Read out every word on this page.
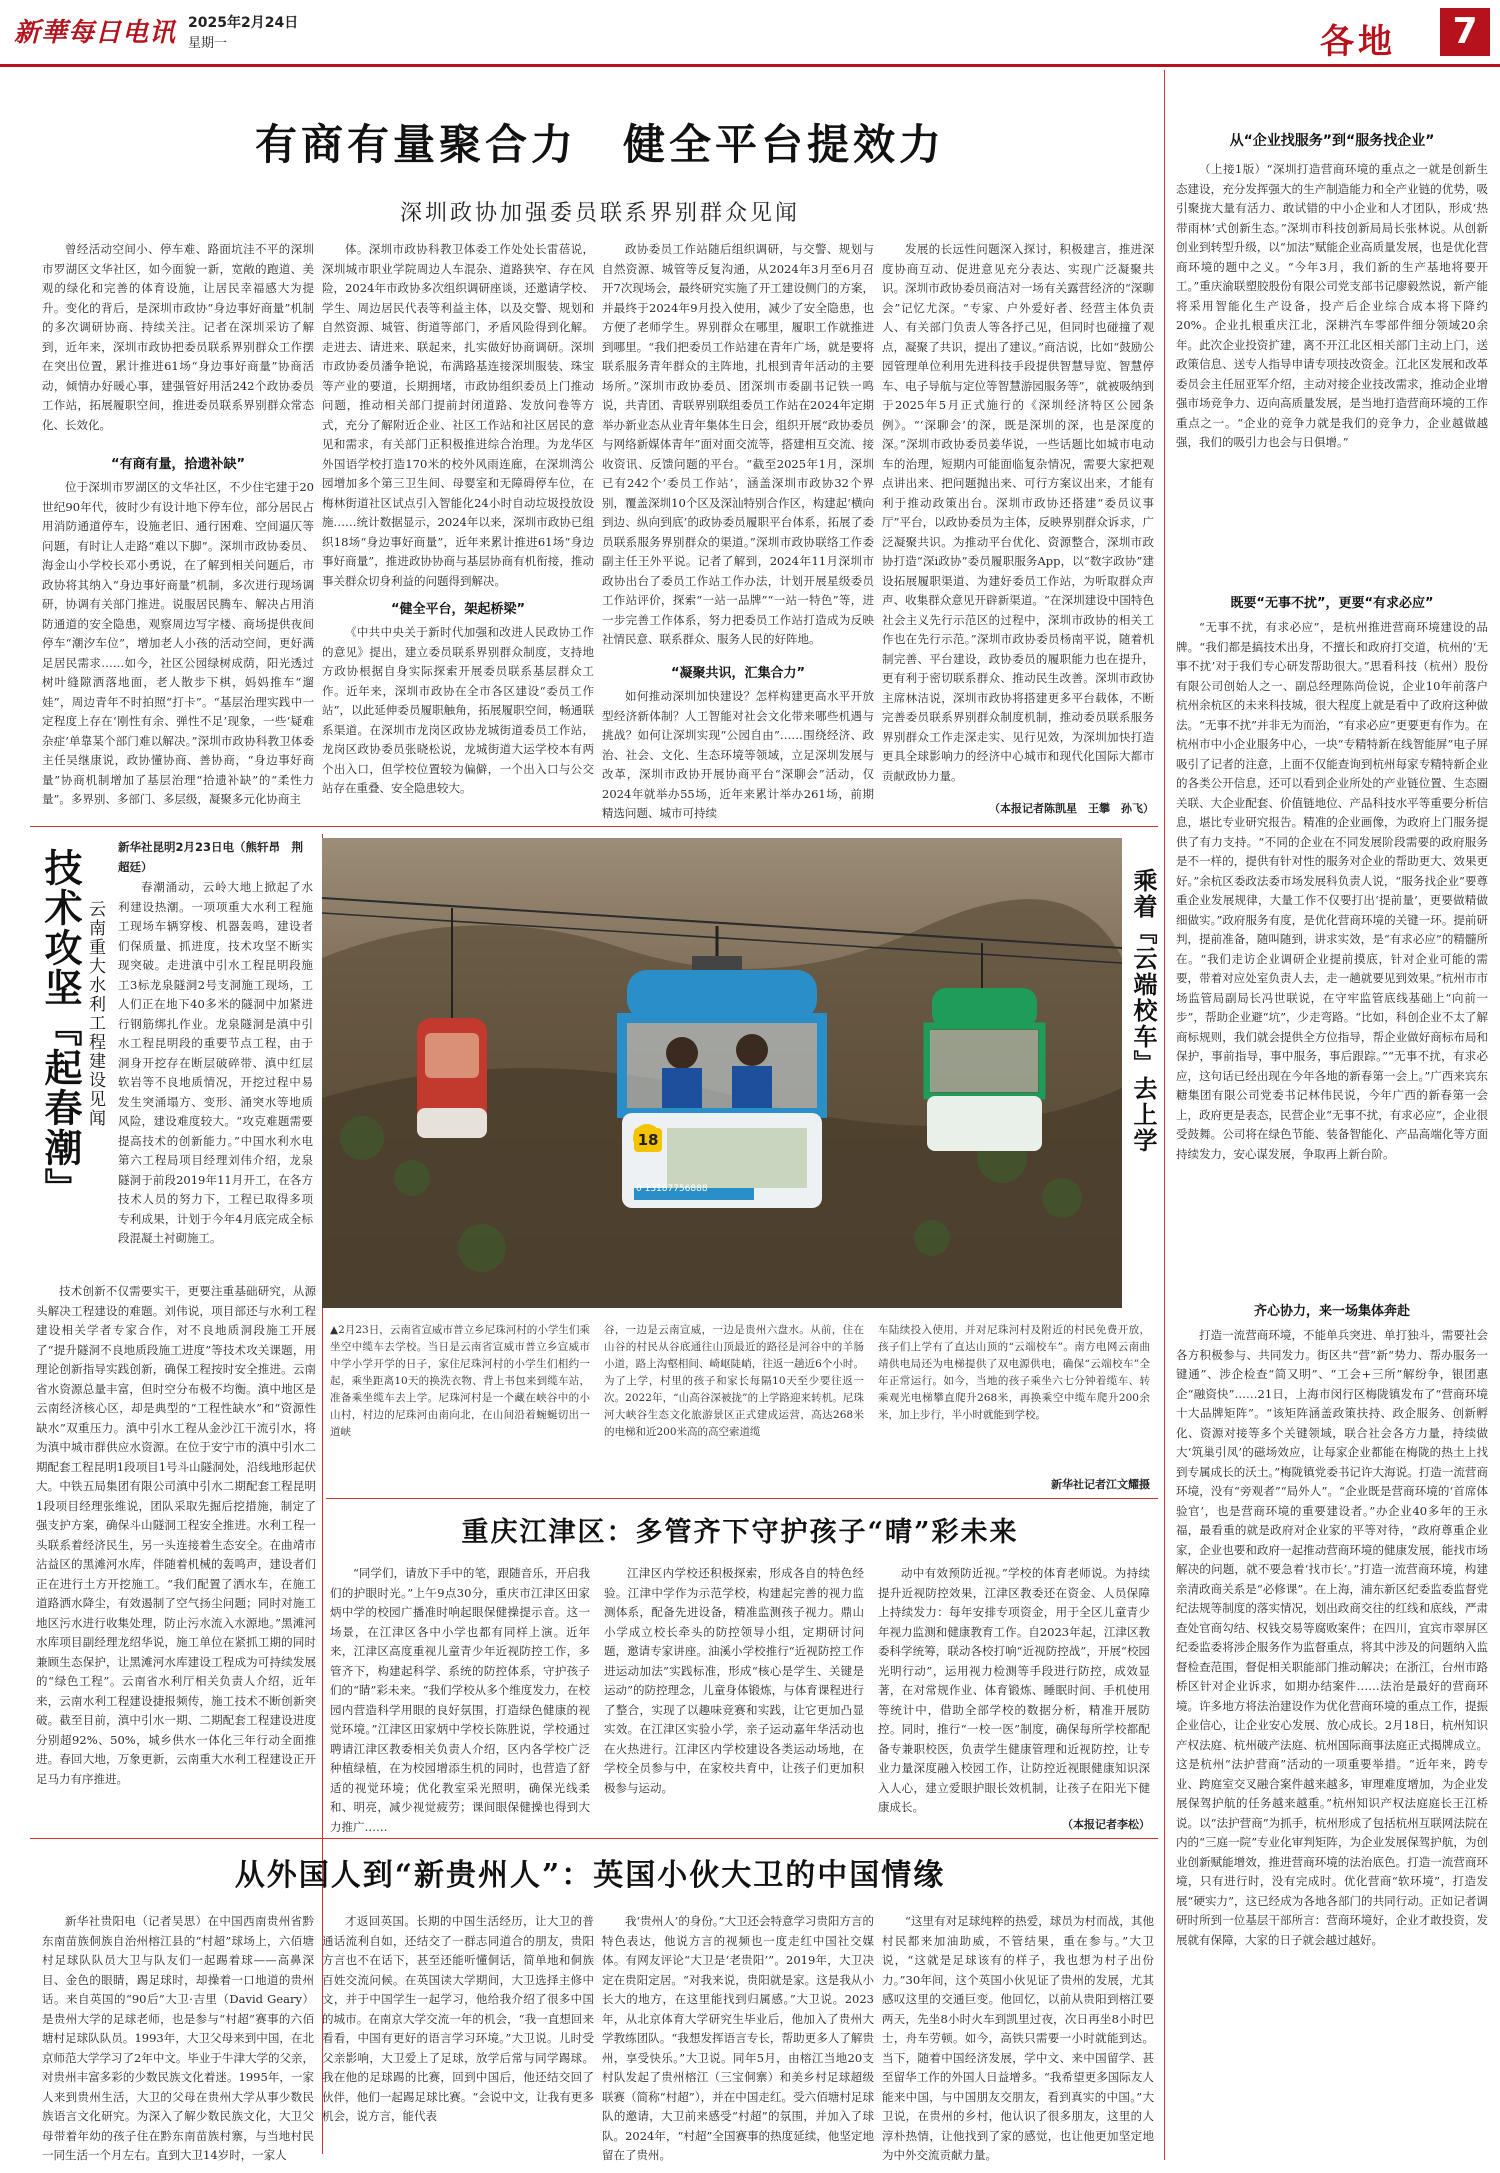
新華每日电讯 2025年2月24日
星期一	各地	7
有商有量聚合力　健全平台提效力
深圳政协加强委员联系界别群众见闻

曾经活动空间小、停车难、路面坑洼不平的深圳市罗湖区文华社区，如今面貌一新，宽敞的跑道、美观的绿化和完善的体育设施，让居民幸福感大为提升。变化的背后，是深圳市政协“身边事好商量”机制的多次调研协商、持续关注。记者在深圳采访了解到，近年来，深圳市政协把委员联系界别群众工作摆在突出位置，累计推进61场“身边事好商量”协商活动，倾情办好暖心事，建强管好用活242个政协委员工作站，拓展履职空间，推进委员联系界别群众常态化、长效化。

“有商有量，拾遗补缺”

位于深圳市罗湖区的文华社区，不少住宅建于20世纪90年代，彼时少有设计地下停车位，部分居民占用消防通道停车，设施老旧、通行困难、空间逼仄等问题，有时让人走路“难以下脚”。深圳市政协委员、海金山小学校长邓小勇说，在了解到相关问题后，市政协将其纳入“身边事好商量”机制，多次进行现场调研，协调有关部门推进。说服居民腾车、解决占用消防通道的安全隐患，观察周边写字楼、商场提供夜间停车“潮汐车位”，增加老人小孩的活动空间，更好满足居民需求……如今，社区公园绿树成荫，阳光透过树叶缝隙洒落地面，老人散步下棋，妈妈推车“遛娃”，周边青年不时拍照“打卡”。“基层治理实践中一定程度上存在‘刚性有余、弹性不足’现象，一些‘疑难杂症’单靠某个部门难以解决。”深圳市政协科教卫体委主任吴继康说，政协懂协商、善协商，“身边事好商量”协商机制增加了基层治理“拾遗补缺”的“柔性力量”。多界别、多部门、多层级，凝聚多元化协商主

体。深圳市政协科教卫体委工作处处长雷蓓说，深圳城市职业学院周边人车混杂、道路狭窄、存在风险，2024年市政协多次组织调研座谈，还邀请学校、学生、周边居民代表等利益主体，以及交警、规划和自然资源、城管、街道等部门，矛盾风险得到化解。走进去、请进来、联起来，扎实做好协商调研。深圳市政协委员潘争艳说，布满路基连接深圳服装、珠宝等产业的要道，长期拥堵，市政协组织委员上门推动问题，推动相关部门提前封闭道路、发放问卷等方式，充分了解附近企业、社区工作站和社区居民的意见和需求，有关部门正积极推进综合治理。为龙华区外国语学校打造170米的校外风雨连廊，在深圳湾公园增加多个第三卫生间、母婴室和无障碍停车位，在梅林街道社区试点引入智能化24小时自动垃圾投放设施……统计数据显示，2024年以来，深圳市政协已组织18场“身边事好商量”，近年来累计推进61场“身边事好商量”，推进政协协商与基层协商有机衔接，推动事关群众切身利益的问题得到解决。

“健全平台，架起桥梁”

《中共中央关于新时代加强和改进人民政协工作的意见》提出，建立委员联系界别群众制度，支持地方政协根据自身实际探索开展委员联系基层群众工作。近年来，深圳市政协在全市各区建设“委员工作站”，以此延伸委员履职触角，拓展履职空间，畅通联系渠道。在深圳市龙岗区政协龙城街道委员工作站，龙岗区政协委员张晓松说，龙城街道大运学校本有两个出入口，但学校位置较为偏僻，一个出入口与公交站存在重叠、安全隐患较大。

政协委员工作站随后组织调研，与交警、规划与自然资源、城管等反复沟通，从2024年3月至6月召开7次现场会，最终研究实施了开工建设侧门的方案，并最终于2024年9月投入使用，减少了安全隐患，也方便了老师学生。界别群众在哪里，履职工作就推进到哪里。“我们把委员工作站建在青年广场，就是要将联系服务青年群众的主阵地，扎根到青年活动的主要场所。”深圳市政协委员、团深圳市委副书记铁一鸣说，共青团、青联界别联组委员工作站在2024年定期举办新业态从业青年集体生日会，组织开展“政协委员与网络新媒体青年”面对面交流等，搭建相互交流、接收资讯、反馈问题的平台。“截至2025年1月，深圳已有242个‘委员工作站’，涵盖深圳市政协32个界别，覆盖深圳10个区及深汕特别合作区，构建起‘横向到边、纵向到底’的政协委员履职平台体系，拓展了委员联系服务界别群众的渠道。”深圳市政协联络工作委副主任王外平说。记者了解到，2024年11月深圳市政协出台了委员工作站工作办法，计划开展星级委员工作站评价，探索“一站一品牌”“一站一特色”等，进一步完善工作体系，努力把委员工作站打造成为反映社情民意、联系群众、服务人民的好阵地。

“凝聚共识，汇集合力”

如何推动深圳加快建设？怎样构建更高水平开放型经济新体制？人工智能对社会文化带来哪些机遇与挑战？如何让深圳实现“公园自由”……围绕经济、政治、社会、文化、生态环境等领域，立足深圳发展与改革，深圳市政协开展协商平台“深聊会”活动，仅2024年就举办55场，近年来累计举办261场，前期精选问题、城市可持续

发展的长远性问题深入探讨，积极建言，推进深度协商互动、促进意见充分表达、实现广泛凝聚共识。深圳市政协委员商洁对一场有关露营经济的“深聊会”记忆尤深。“专家、户外爱好者、经营主体负责人、有关部门负责人等各抒己见，但同时也碰撞了观点，凝聚了共识，提出了建议。”商洁说，比如“鼓励公园管理单位利用先进科技手段提供智慧导览、智慧停车、电子导航与定位等智慧游园服务等”，就被吸纳到于2025年5月正式施行的《深圳经济特区公园条例》。“‘深聊会’的深，既是深圳的深，也是深度的深。”深圳市政协委员姜华说，一些话题比如城市电动车的治理，短期内可能面临复杂情况，需要大家把观点讲出来、把问题抛出来、可行方案议出来，才能有利于推动政策出台。深圳市政协还搭建“委员议事厅”平台，以政协委员为主体，反映界别群众诉求，广泛凝聚共识。为推动平台优化、资源整合，深圳市政协打造“深i政协”委员履职服务App，以“数字政协”建设拓展履职渠道、为建好委员工作站，为听取群众声声、收集群众意见开辟新渠道。“在深圳建设中国特色社会主义先行示范区的过程中，深圳市政协的相关工作也在先行示范。”深圳市政协委员杨南平说，随着机制完善、平台建设，政协委员的履职能力也在提升，更有利于密切联系群众、推动民生改善。深圳市政协主席林洁说，深圳市政协将搭建更多平台载体，不断完善委员联系界别群众制度机制，推动委员联系服务界别群众工作走深走实、见行见效，为深圳加快打造更具全球影响力的经济中心城市和现代化国际大都市贡献政协力量。

（本报记者陈凯星　王攀　孙飞）
技术攻坚『起春潮』 云南重大水利工程建设见闻
新华社昆明2月23日电（熊轩昂　荆超廷）

春潮涌动，云岭大地上掀起了水利建设热潮。一项项重大水利工程施工现场车辆穿梭、机器轰鸣，建设者们保质量、抓进度，技术攻坚不断实现突破。走进滇中引水工程昆明段施工3标龙泉隧洞2号支洞施工现场，工人们正在地下40多米的隧洞中加紧进行钢筋绑扎作业。龙泉隧洞是滇中引水工程昆明段的重要节点工程，由于洞身开挖存在断层破碎带、滇中红层软岩等不良地质情况，开挖过程中易发生突涌塌方、变形、涌突水等地质风险，建设难度较大。“攻克难题需要提高技术的创新能力。”中国水利水电第六工程局项目经理刘伟介绍，龙泉隧洞于前段2019年11月开工，在各方技术人员的努力下，工程已取得多项专利成果，计划于今年4月底完成全标段混凝土衬砌施工。

技术创新不仅需要实干，更要注重基础研究，从源头解决工程建设的难题。刘伟说，项目部还与水利工程建设相关学者专家合作，对不良地质洞段施工开展了“提升隧洞不良地质段施工进度”等技术攻关课题，用理论创新指导实践创新，确保工程按时安全推进。云南省水资源总量丰富，但时空分布极不均衡。滇中地区是云南经济核心区，却是典型的“工程性缺水”和“资源性缺水”双重压力。滇中引水工程从金沙江干流引水，将为滇中城市群供应水资源。在位于安宁市的滇中引水二期配套工程昆明1段项目1号斗山隧洞处，沿线地形起伏大。中铁五局集团有限公司滇中引水二期配套工程昆明1段项目经理张维说，团队采取先掘后挖措施，制定了强支护方案，确保斗山隧洞工程安全推进。水利工程一头联系着经济民生，另一头连接着生态安全。在曲靖市沾益区的黑滩河水库，伴随着机械的轰鸣声，建设者们正在进行土方开挖施工。“我们配置了洒水车，在施工道路洒水降尘，有效遏制了空气扬尘问题；同时对施工地区污水进行收集处理，防止污水流入水源地。”黑滩河水库项目副经理龙绍华说，施工单位在紧抓工期的同时兼顾生态保护，让黑滩河水库建设工程成为可持续发展的“绿色工程”。云南省水利厅相关负责人介绍，近年来，云南水利工程建设捷报频传，施工技术不断创新突破。截至目前，滇中引水一期、二期配套工程建设进度分别超92%、50%，城乡供水一体化三年行动全面推进。春回大地，万象更新，云南重大水利工程建设正开足马力有序推进。

18
0 13187756888
乘着『云端校车』去上学
▲2月23日，云南省宣威市普立乡尼珠河村的小学生们乘坐空中缆车去学校。当日是云南省宣威市普立乡宣威市中学小学开学的日子，家住尼珠河村的小学生们相约一起，乘坐距离10天的换洗衣物、背上书包来到缆车站，准备乘坐缆车去上学。尼珠河村是一个藏在峡谷中的小山村，村边的尼珠河由南向北，在山间沿着蜿蜒切出一道峡
谷，一边是云南宣威，一边是贵州六盘水。从前，住在山谷的村民从谷底通往山顶最近的路径是河谷中的羊肠小道，路上沟壑相间、崎岖陡峭，往返一趟近6个小时。为了上学，村里的孩子和家长每隔10天至少要往返一次。2022年，“山高谷深被拢”的上学路迎来转机。尼珠河大峡谷生态文化旅游景区正式建成运营，高达268米的电梯和近200米高的高空索道缆
车陆续投入使用，并对尼珠河村及附近的村民免费开放，孩子们上学有了直达山顶的“云端校车”。南方电网云南曲靖供电局还为电梯提供了双电源供电，确保“云端校车”全年正常运行。如今，当地的孩子乘坐六七分钟着缆车、转乘观光电梯攀直爬升268米，再换乘空中缆车爬升200余米，加上步行，半小时就能到学校。
新华社记者江文耀摄
重庆江津区：多管齐下守护孩子“晴”彩未来

“同学们，请放下手中的笔，跟随音乐，开启我们的护眼时光。”上午9点30分，重庆市江津区田家炳中学的校园广播准时响起眼保健操提示音。这一场景，在江津区各中小学也都有同样上演。近年来，江津区高度重视儿童青少年近视防控工作，多管齐下，构建起科学、系统的防控体系，守护孩子们的“睛”彩未来。“我们学校从多个维度发力，在校园内营造科学用眼的良好氛围，打造绿色健康的视觉环境。”江津区田家炳中学校长陈胜说，学校通过聘请江津区教委相关负责人介绍，区内各学校广泛种植绿植，在为校园增添生机的同时，也营造了舒适的视觉环境；优化教室采光照明，确保光线柔和、明亮，减少视觉疲劳；课间眼保健操也得到大力推广……

江津区内学校还积极探索，形成各自的特色经验。江津中学作为示范学校，构建起完善的视力监测体系，配备先进设备，精准监测孩子视力。鼎山小学成立校长牵头的防控领导小组，定期研讨问题，邀请专家讲座。油溪小学校推行“近视防控工作进运动加法”实践标准，形成“核心是学生、关键是运动”的防控理念，儿童身体锻炼，与体育课程进行了整合，实现了以趣味竞赛和实践，让它更加凸显实效。在江津区实验小学，亲子运动嘉年华活动也在火热进行。江津区内学校建设各类运动场地，在学校全员参与中，在家校共育中，让孩子们更加积极参与运动。

动中有效预防近视。”学校的体育老师说。为持续提升近视防控效果，江津区教委还在资金、人员保障上持续发力：每年安排专项资金，用于全区儿童青少年视力监测和健康教育工作。自2023年起，江津区教委科学统筹，联动各校打响“近视防控战”，开展“校园光明行动”，运用视力检测等手段进行防控，成效显著，在对常规作业、体育锻炼、睡眠时间、手机使用等统计中，借助全部学校的数据分析，精准开展防控。同时，推行“一校一医”制度，确保每所学校都配备专兼职校医，负责学生健康管理和近视防控，让专业力量深度融入校园工作，让防控近视眼健康知识深入人心，建立爱眼护眼长效机制，让孩子在阳光下健康成长。

（本报记者李松）
从外国人到“新贵州人”：英国小伙大卫的中国情缘

新华社贵阳电（记者吴思）在中国西南贵州省黔东南苗族侗族自治州榕江县的“村超”球场上，六佰塘村足球队队员大卫与队友们一起踢着球——高鼻深目、金色的眼睛，踢足球时，却操着一口地道的贵州话。来自英国的“90后”大卫·吉里（David Geary）是贵州大学的足球老师，也是参与“村超”赛事的六佰塘村足球队队员。1993年，大卫父母来到中国，在北京师范大学学习了2年中文。毕业于牛津大学的父亲，对贵州丰富多彩的少数民族文化着迷。1995年，一家人来到贵州生活，大卫的父母在贵州大学从事少数民族语言文化研究。为深入了解少数民族文化，大卫父母带着年幼的孩子住在黔东南苗族村寨，与当地村民一同生活一个月左右。直到大卫14岁时，一家人

才返回英国。长期的中国生活经历，让大卫的普通话流利自如，还结交了一群志同道合的朋友，贵阳方言也不在话下，甚至还能听懂侗话，简单地和侗族百姓交流问候。在英国读大学期间，大卫选择主修中文，并于中国学生一起学习，他给我介绍了很多中国的城市。在南京大学交流一年的机会，“我一直想回来看看，中国有更好的语言学习环境。”大卫说。儿时受父亲影响，大卫爱上了足球，放学后常与同学踢球。我在他的足球踢的比赛，回到中国后，他还结交回了伙伴，他们一起踢足球比赛。“会说中文，让我有更多机会，说方言，能代表

我‘贵州人’的身份。”大卫还会特意学习贵阳方言的特色表达，他说方言的视频也一度走红中国社交媒体。有网友评论“大卫是‘老贵阳’”。2019年，大卫决定在贵阳定居。“对我来说，贵阳就是家。这是我从小长大的地方，在这里能找到归属感。”大卫说。2023年，从北京体育大学研究生毕业后，他加入了贵州大学教练团队。“我想发挥语言专长，帮助更多人了解贵州，享受快乐。”大卫说。同年5月，由榕江当地20支村队发起了贵州榕江（三宝侗寨）和美乡村足球超级联赛（简称“村超”），并在中国走红。受六佰塘村足球队的邀请，大卫前来感受“村超”的氛围，并加入了球队。2024年，“村超”全国赛事的热度延续，他坚定地留在了贵州。

“这里有对足球纯粹的热爱，球员为村而战，其他村民都来加油助威，不管结果，重在参与。”大卫说，“这就是足球该有的样子，我也想为村子出份力。”30年间，这个英国小伙见证了贵州的发展，尤其感叹这里的交通巨变。他回忆，以前从贵阳到榕江要两天，先坐8小时火车到凯里过夜，次日再坐8小时巴士，舟车劳顿。如今，高铁只需要一小时就能到达。当下，随着中国经济发展，学中文、来中国留学、甚至留华工作的外国人日益增多。“我希望更多国际友人能来中国，与中国朋友交朋友，看到真实的中国。”大卫说，在贵州的乡村，他认识了很多朋友，这里的人淳朴热情，让他找到了家的感觉，也让他更加坚定地为中外交流贡献力量。

从“企业找服务”到“服务找企业”

（上接1版）“深圳打造营商环境的重点之一就是创新生态建设，充分发挥强大的生产制造能力和全产业链的优势，吸引聚拢大量有活力、敢试错的中小企业和人才团队，形成‘热带雨林’式创新生态。”深圳市科技创新局局长张林说。从创新创业到转型升级，以“加法”赋能企业高质量发展，也是优化营商环境的题中之义。“今年3月，我们新的生产基地将要开工。”重庆渝联塑胶股份有限公司党支部书记廖毅然说，新产能将采用智能化生产设备，投产后企业综合成本将下降约20%。企业扎根重庆江北，深耕汽车零部件细分领域20余年。此次企业投资扩建，离不开江北区相关部门主动上门，送政策信息、送专人指导申请专项技改资金。江北区发展和改革委员会主任屈亚军介绍，主动对接企业技改需求，推动企业增强市场竞争力、迈向高质量发展，是当地打造营商环境的工作重点之一。“企业的竞争力就是我们的竞争力，企业越做越强，我们的吸引力也会与日俱增。”

既要“无事不扰”，更要“有求必应”

“无事不扰，有求必应”，是杭州推进营商环境建设的品牌。“我们都是搞技术出身，不擅长和政府打交道，杭州的‘无事不扰’对于我们专心研发帮助很大。”思看科技（杭州）股份有限公司创始人之一、副总经理陈尚俭说，企业10年前落户杭州余杭区的未来科技城，很大程度上就是看中了政府这种做法。“无事不扰”并非无为而治，“有求必应”更要更有作为。在杭州市中小企业服务中心，一块“专精特新在线智能屏”电子屏吸引了记者的注意，上面不仅能查询到杭州每家专精特新企业的各类公开信息，还可以看到企业所处的产业链位置、生态圈关联、大企业配套、价值链地位、产品科技水平等重要分析信息，堪比专业研究报告。精准的企业画像，为政府上门服务提供了有力支持。“不同的企业在不同发展阶段需要的政府服务是不一样的，提供有针对性的服务对企业的帮助更大、效果更好。”余杭区委政法委市场发展科负责人说，“服务找企业”要尊重企业发展规律，大量工作不仅要打出‘提前量’，更要做精做细做实。”政府服务有度，是优化营商环境的关键一环。提前研判，提前准备，随叫随到，讲求实效，是“有求必应”的精髓所在。“我们走访企业调研企业提前摸底，针对企业可能的需要，带着对应处室负责人去，走一趟就要见到效果。”杭州市市场监管局副局长冯世联说，在守牢监管底线基础上“向前一步”，帮助企业避“坑”，少走弯路。“比如，科创企业不太了解商标规则，我们就会提供全方位指导，帮企业做好商标布局和保护，事前指导，事中服务，事后跟踪。”“无事不扰，有求必应，这句话已经出现在今年各地的新春第一会上。”广西来宾东糖集团有限公司党委书记林伟民说，今年广西的新春第一会上，政府更是表态，民营企业“无事不扰，有求必应”，企业很受鼓舞。公司将在绿色节能、装备智能化、产品高端化等方面持续发力，安心谋发展，争取再上新台阶。

齐心协力，来一场集体奔赴

打造一流营商环境，不能单兵突进、单打独斗，需要社会各方积极参与、共同发力。街区共“营”新“势力、帮办服务一键通”、涉企检查“简又明”、“工会+三所”解纷争，银团惠企“融资快”……21日，上海市闵行区梅陇镇发布了“营商环境十大品牌矩阵”。“该矩阵涵盖政策扶持、政企服务、创新孵化、资源对接等多个关键领域，联合社会各方力量，持续做大‘筑巢引凤’的磁场效应，让每家企业都能在梅陇的热土上找到专属成长的沃土。”梅陇镇党委书记许大海说。打造一流营商环境，没有“旁观者”“局外人”。“企业既是营商环境的‘首席体验官’，也是营商环境的重要建设者。”办企业40多年的王永福，最看重的就是政府对企业家的平等对待，“政府尊重企业家，企业也要和政府一起推动营商环境的健康发展，能找市场解决的问题，就不要急着‘找市长’。”打造一流营商环境，构建亲清政商关系是“必修课”。在上海，浦东新区纪委监委监督党纪法规等制度的落实情况，划出政商交往的红线和底线，严肃查处官商勾结、权钱交易等腐败案件；在四川，宜宾市翠屏区纪委监委将涉企服务作为监督重点，将其中涉及的问题纳入监督检查范围，督促相关职能部门推动解决；在浙江，台州市路桥区针对企业诉求，如期办结案件……法治是最好的营商环境。许多地方将法治建设作为优化营商环境的重点工作，提振企业信心，让企业安心发展、放心成长。2月18日，杭州知识产权法庭、杭州破产法庭、杭州国际商事法庭正式揭牌成立。这是杭州“法护营商”活动的一项重要举措。“近年来，跨专业、跨庭室交叉融合案件越来越多，审理难度增加，为企业发展保驾护航的任务越来越重。”杭州知识产权法庭庭长王江桥说。以“法护营商”为抓手，杭州形成了包括杭州互联网法院在内的“三庭一院”专业化审判矩阵，为企业发展保驾护航，为创业创新赋能增效，推进营商环境的法治底色。打造一流营商环境，只有进行时，没有完成时。优化营商“软环境”，打造发展“硬实力”，这已经成为各地各部门的共同行动。正如记者调研时所到一位基层干部所言：营商环境好，企业才敢投资，发展就有保障，大家的日子就会越过越好。
